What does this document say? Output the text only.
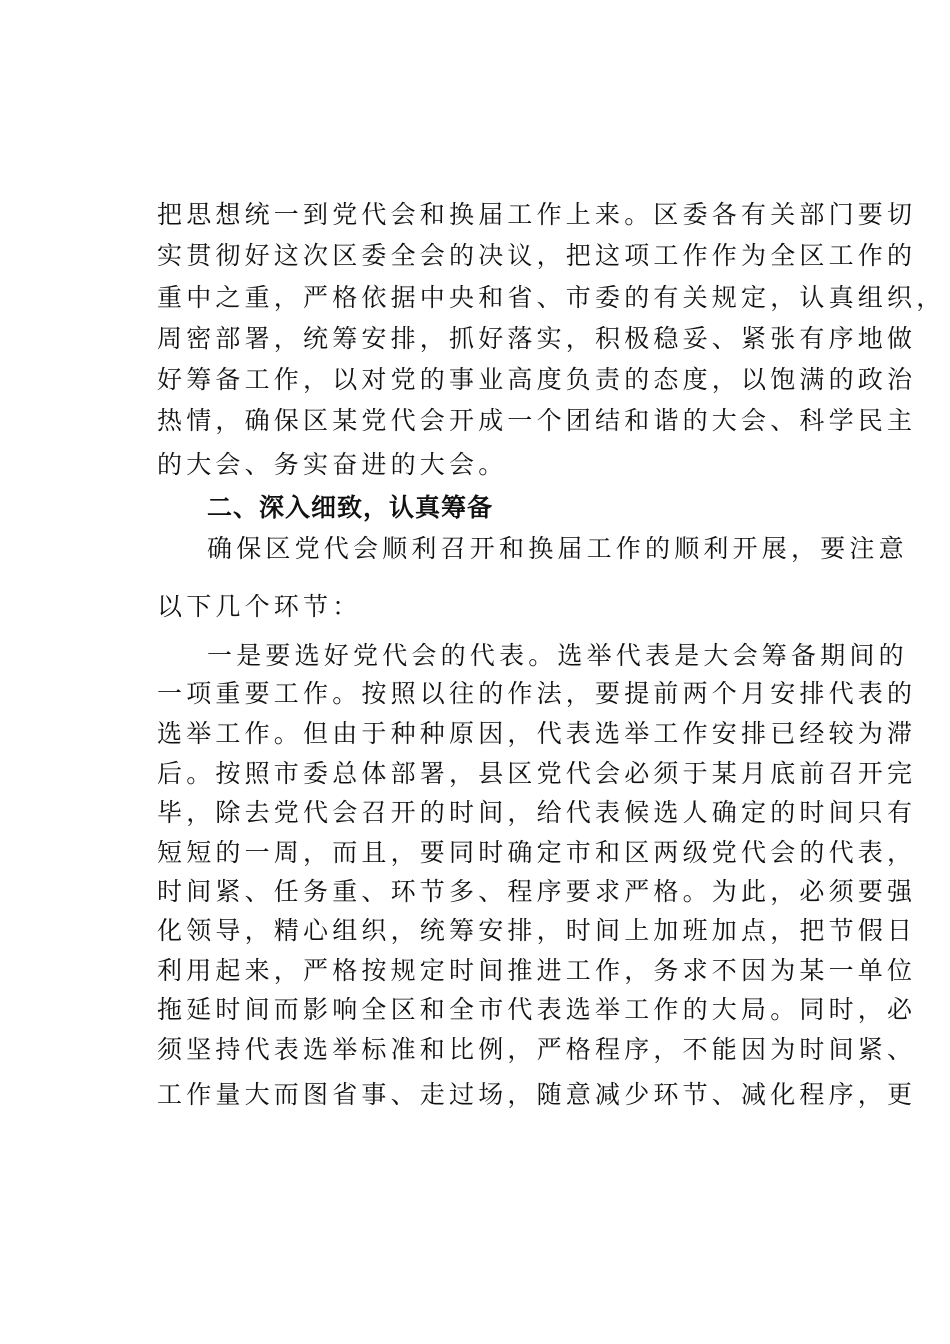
把思想统一到党代会和换届工作上来。区委各有关部门要切
实贯彻好这次区委全会的决议，把这项工作作为全区工作的
重中之重，严格依据中央和省、市委的有关规定，认真组织，
周密部署，统筹安排，抓好落实，积极稳妥、紧张有序地做
好筹备工作，以对党的事业高度负责的态度，以饱满的政治
热情，确保区某党代会开成一个团结和谐的大会、科学民主
的大会、务实奋进的大会。
二、深入细致，认真筹备
确保区党代会顺利召开和换届工作的顺利开展，要注意
以下几个环节：
一是要选好党代会的代表。选举代表是大会筹备期间的
一项重要工作。按照以往的作法，要提前两个月安排代表的
选举工作。但由于种种原因，代表选举工作安排已经较为滞
后。按照市委总体部署，县区党代会必须于某月底前召开完
毕，除去党代会召开的时间，给代表候选人确定的时间只有
短短的一周，而且，要同时确定市和区两级党代会的代表，
时间紧、任务重、环节多、程序要求严格。为此，必须要强
化领导，精心组织，统筹安排，时间上加班加点，把节假日
利用起来，严格按规定时间推进工作，务求不因为某一单位
拖延时间而影响全区和全市代表选举工作的大局。同时，必
须坚持代表选举标准和比例，严格程序，不能因为时间紧、
工作量大而图省事、走过场，随意减少环节、减化程序，更
